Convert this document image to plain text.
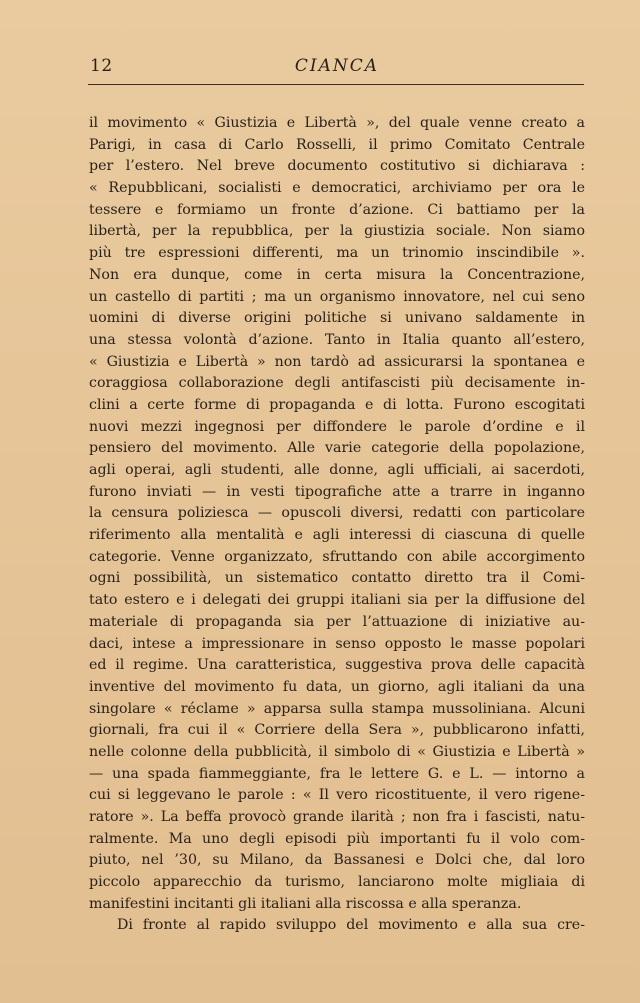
12	CIANCA
il movimento « Giustizia e Libertà », del quale venne creato a
Parigi, in casa di Carlo Rosselli, il primo Comitato Centrale
per l’estero. Nel breve documento costitutivo si dichiarava :
« Repubblicani, socialisti e democratici, archiviamo per ora le
tessere e formiamo un fronte d’azione. Ci battiamo per la
libertà, per la repubblica, per la giustizia sociale. Non siamo
più tre espressioni differenti, ma un trinomio inscindibile ».
Non era dunque, come in certa misura la Concentrazione,
un castello di partiti ; ma un organismo innovatore, nel cui seno
uomini di diverse origini politiche si univano saldamente in
una stessa volontà d’azione. Tanto in Italia quanto all’estero,
« Giustizia e Libertà » non tardò ad assicurarsi la spontanea e
coraggiosa collaborazione degli antifascisti più decisamente in-
clini a certe forme di propaganda e di lotta. Furono escogitati
nuovi mezzi ingegnosi per diffondere le parole d’ordine e il
pensiero del movimento. Alle varie categorie della popolazione,
agli operai, agli studenti, alle donne, agli ufficiali, ai sacerdoti,
furono inviati — in vesti tipografiche atte a trarre in inganno
la censura poliziesca — opuscoli diversi, redatti con particolare
riferimento alla mentalità e agli interessi di ciascuna di quelle
categorie. Venne organizzato, sfruttando con abile accorgimento
ogni possibilità, un sistematico contatto diretto tra il Comi-
tato estero e i delegati dei gruppi italiani sia per la diffusione del
materiale di propaganda sia per l’attuazione di iniziative au-
daci, intese a impressionare in senso opposto le masse popolari
ed il regime. Una caratteristica, suggestiva prova delle capacità
inventive del movimento fu data, un giorno, agli italiani da una
singolare « réclame » apparsa sulla stampa mussoliniana. Alcuni
giornali, fra cui il « Corriere della Sera », pubblicarono infatti,
nelle colonne della pubblicità, il simbolo di « Giustizia e Libertà »
— una spada fiammeggiante, fra le lettere G. e L. — intorno a
cui si leggevano le parole : « Il vero ricostituente, il vero rigene-
ratore ». La beffa provocò grande ilarità ; non fra i fascisti, natu-
ralmente. Ma uno degli episodi più importanti fu il volo com-
piuto, nel ’30, su Milano, da Bassanesi e Dolci che, dal loro
piccolo apparecchio da turismo, lanciarono molte migliaia di
manifestini incitanti gli italiani alla riscossa e alla speranza.
Di fronte al rapido sviluppo del movimento e alla sua cre-
